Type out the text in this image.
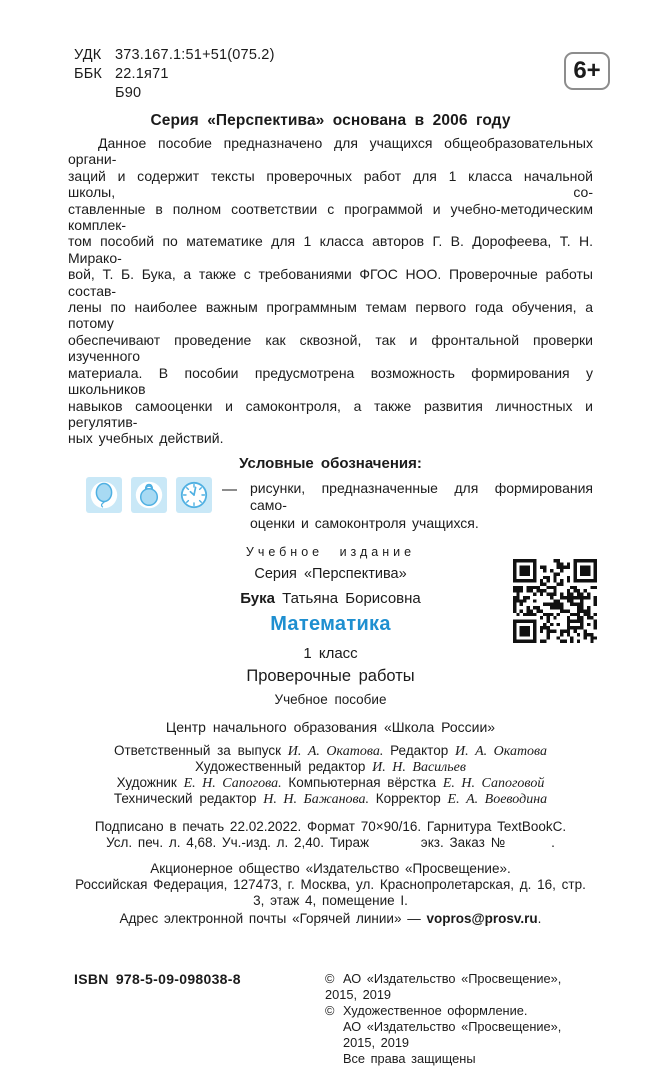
УДК 373.167.1:51+51(075.2)
ББК 22.1я71
Б90
6+
Серия «Перспектива» основана в 2006 году
Данное пособие предназначено для учащихся общеобразовательных органи-
заций и содержит тексты проверочных работ для 1 класса начальной школы, со-
ставленные в полном соответствии с программой и учебно-методическим комплек-
том пособий по математике для 1 класса авторов Г. В. Дорофеева, Т. Н. Мирако-
вой, Т. Б. Бука, а также с требованиями ФГОС НОО. Проверочные работы состав-
лены по наиболее важным программным темам первого года обучения, а потому
обеспечивают проведение как сквозной, так и фронтальной проверки изученного
материала. В пособии предусмотрена возможность формирования у школьников
навыков самооценки и самоконтроля, а также развития личностных и регулятив-
ных учебных действий.
Условные обозначения:
— рисунки, предназначенные для формирования само-
оценки и самоконтроля учащихся.
Учебное издание
Серия «Перспектива»
Бука Татьяна Борисовна
Математика
1 класс
Проверочные работы
Учебное пособие
Центр начального образования «Школа России»
Ответственный за выпуск И. А. Окатова. Редактор И. А. Окатова
Художественный редактор И. Н. Васильев
Художник Е. Н. Сапогова. Компьютерная вёрстка Е. Н. Сапоговой
Технический редактор Н. Н. Бажанова. Корректор Е. А. Воеводина
Подписано в печать 22.02.2022. Формат 70×90/16. Гарнитура TextBookC.
Усл. печ. л. 4,68. Уч.-изд. л. 2,40. Тираж         экз. Заказ №        .
Акционерное общество «Издательство «Просвещение».
Российская Федерация, 127473, г. Москва, ул. Краснопролетарская, д. 16, стр. 3, этаж 4, помещение I.
Адрес электронной почты «Горячей линии» — vopros@prosv.ru.
ISBN 978-5-09-098038-8	© АО «Издательство «Просвещение», 2015, 2019
© Художественное оформление.
АО «Издательство «Просвещение», 2015, 2019
Все права защищены
